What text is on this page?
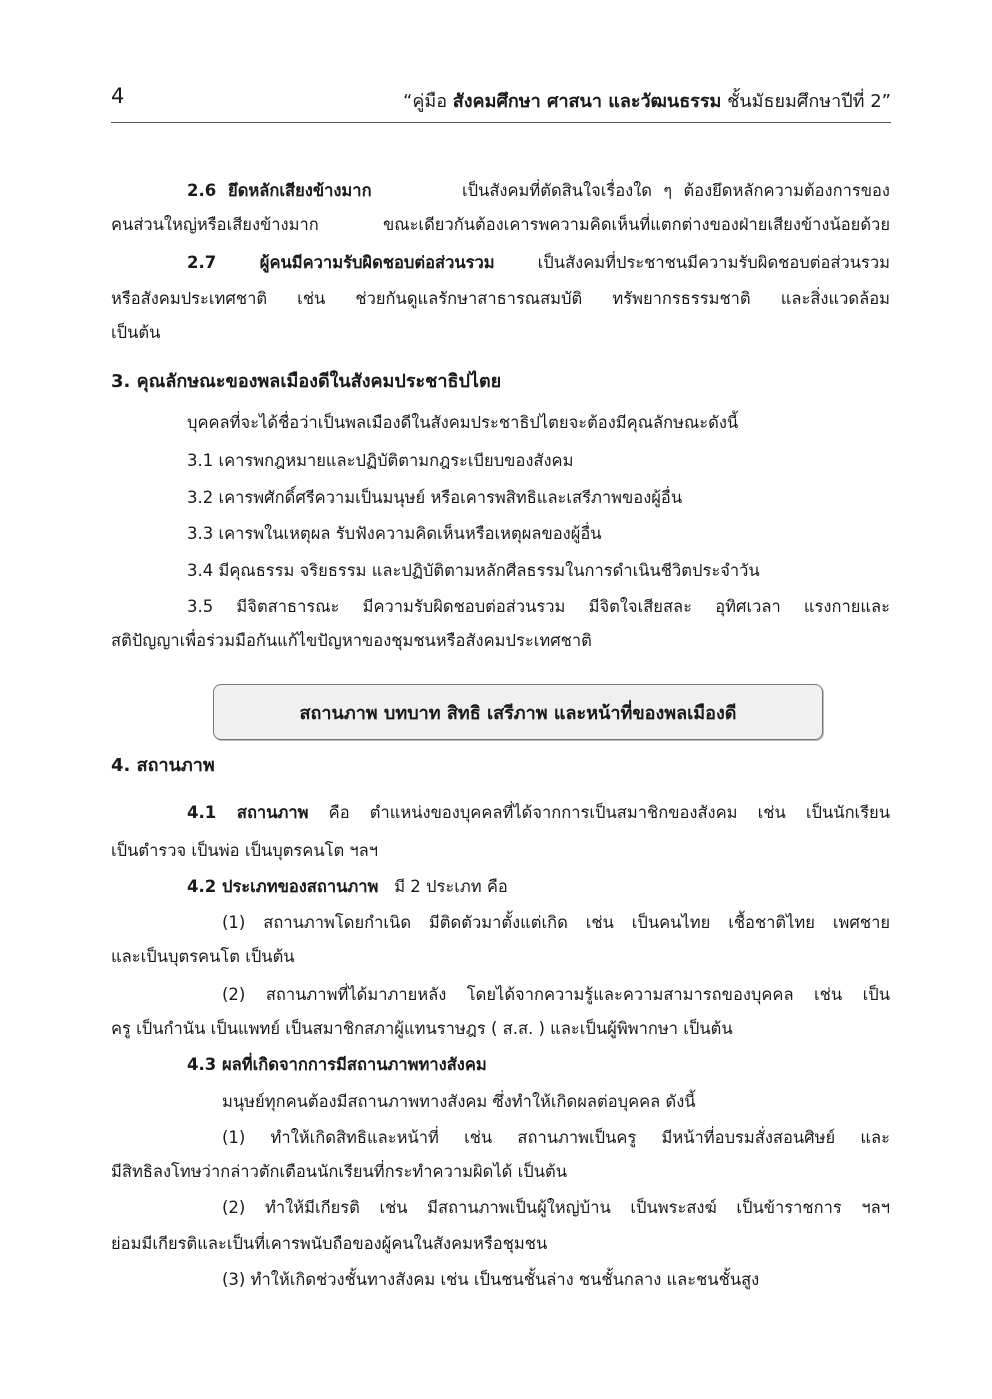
4	“คู่มือ สังคมศึกษา ศาสนา และวัฒนธรรม ชั้นมัธยมศึกษาปีที่ 2”
2.6 ยึดหลักเสียงข้างมาก	เป็นสังคมที่ตัดสินใจเรื่องใด ๆ ต้องยึดหลักความต้องการของ
คนส่วนใหญ่หรือเสียงข้างมาก ขณะเดียวกันต้องเคารพความคิดเห็นที่แตกต่างของฝ่ายเสียงข้างน้อยด้วย
2.7 ผู้คนมีความรับผิดชอบต่อส่วนรวม	เป็นสังคมที่ประชาชนมีความรับผิดชอบต่อส่วนรวม
หรือสังคมประเทศชาติ เช่น ช่วยกันดูแลรักษาสาธารณสมบัติ ทรัพยากรธรรมชาติ และสิ่งแวดล้อม
เป็นต้น
3. คุณลักษณะของพลเมืองดีในสังคมประชาธิปไตย
บุคคลที่จะได้ชื่อว่าเป็นพลเมืองดีในสังคมประชาธิปไตยจะต้องมีคุณลักษณะดังนี้
3.1 เคารพกฎหมายและปฏิบัติตามกฎระเบียบของสังคม
3.2 เคารพศักดิ์ศรีความเป็นมนุษย์ หรือเคารพสิทธิและเสรีภาพของผู้อื่น
3.3 เคารพในเหตุผล รับฟังความคิดเห็นหรือเหตุผลของผู้อื่น
3.4 มีคุณธรรม จริยธรรม และปฏิบัติตามหลักศีลธรรมในการดำเนินชีวิตประจำวัน
3.5 มีจิตสาธารณะ มีความรับผิดชอบต่อส่วนรวม มีจิตใจเสียสละ อุทิศเวลา แรงกายและ
สติปัญญาเพื่อร่วมมือกันแก้ไขปัญหาของชุมชนหรือสังคมประเทศชาติ
สถานภาพ บทบาท สิทธิ เสรีภาพ และหน้าที่ของพลเมืองดี
4. สถานภาพ
4.1 สถานภาพ คือ ตำแหน่งของบุคคลที่ได้จากการเป็นสมาชิกของสังคม เช่น เป็นนักเรียน
เป็นตำรวจ เป็นพ่อ เป็นบุตรคนโต ฯลฯ
4.2 ประเภทของสถานภาพ มี 2 ประเภท คือ
(1) สถานภาพโดยกำเนิด มีติดตัวมาตั้งแต่เกิด เช่น เป็นคนไทย เชื้อชาติไทย เพศชาย
และเป็นบุตรคนโต เป็นต้น
(2) สถานภาพที่ได้มาภายหลัง โดยได้จากความรู้และความสามารถของบุคคล เช่น เป็น
ครู เป็นกำนัน เป็นแพทย์ เป็นสมาชิกสภาผู้แทนราษฎร ( ส.ส. ) และเป็นผู้พิพากษา เป็นต้น
4.3 ผลที่เกิดจากการมีสถานภาพทางสังคม
มนุษย์ทุกคนต้องมีสถานภาพทางสังคม ซึ่งทำให้เกิดผลต่อบุคคล ดังนี้
(1) ทำให้เกิดสิทธิและหน้าที่ เช่น สถานภาพเป็นครู มีหน้าที่อบรมสั่งสอนศิษย์ และ
มีสิทธิลงโทษว่ากล่าวตักเตือนนักเรียนที่กระทำความผิดได้ เป็นต้น
(2) ทำให้มีเกียรติ เช่น มีสถานภาพเป็นผู้ใหญ่บ้าน เป็นพระสงฆ์ เป็นข้าราชการ ฯลฯ
ย่อมมีเกียรติและเป็นที่เคารพนับถือของผู้คนในสังคมหรือชุมชน
(3) ทำให้เกิดช่วงชั้นทางสังคม เช่น เป็นชนชั้นล่าง ชนชั้นกลาง และชนชั้นสูง
